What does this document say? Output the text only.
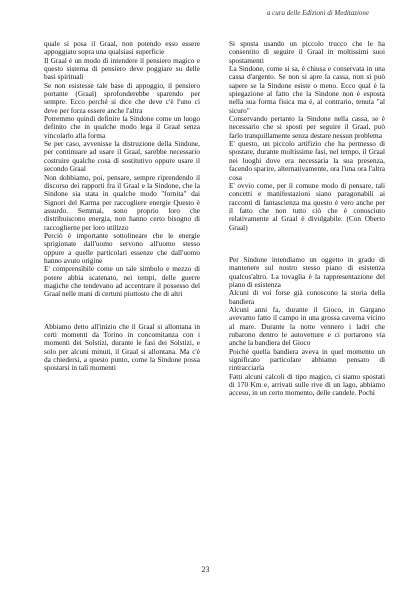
a cura delle Edizioni di Meditazione

quale si posa il Graal, non potendo esso essere appoggiato sopra una qualsiasi superficie

Il Graal è un modo di intendere il pensiero magico e questo sistema di pensiero deve poggiare su delle basi spirituali

Se non esistesse tale base di appoggio, il pensiero portante (Graal) sprofonderebbe sparendo per sempre. Ecco perché si dice che deve c'è l'uno ci deve per forza essere anche l'altra

Potremmo quindi definire la Sindone come un luogo definito che in qualche modo lega il Graal senza vincolarlo alla forma

Se per caso, avvenisse la distruzione della Sindone, per continuare ad usare il Graal, sarebbe necessario costruire qualche cosa di sostitutivo oppure usare il secondo Graal

Non dobbiamo, poi, pensare, sempre riprendendo il discorso dei rapporti fra il Graal e la Sindone, che la Sindone sia stata in qualche modo "fornita" dai Signori del Karma per raccogliere energie Questo è assurdo. Semmai, sono proprio loro che distribuiscono energia, non hanno certo bisogno di raccoglierne per loro utilizzo

Perciò è importante sottolineare che le energie sprigionate dall'uomo servono all'uomo stesso oppure a quelle particolari essenze che dall'uomo hanno avuto origine

E' comprensibile come un tale simbolo e mezzo di potere abbia scatenato, nei tempi, delle guerre magiche che tendevano ad accentrare il possesso del Graal nelle mani di certuni piuttosto che di altri

Abbiamo detto all'inizio che il Graal si allontana in certi momenti da Torino in concomitanza con i momenti dei Solstizi, durante le fasi dei Solstizi, e solo per alcuni minuti, il Graal si allontana. Ma c'è da chiedersi, a questo punto, come la Sindone possa spostarsi in tali momenti

Si sposta usando un piccolo trucco che le ha consentito di seguire il Graal in moltissimi suoi spostamenti

La Sindone, come si sa, è chiusa e conservata in una cassa d'argento. Se non si apre la cassa, non si può sapere se la Sindone esiste o meno. Ecco qual è la spiegazione al fatto che la Sindone non è esposta nella sua forma fisica ma è, al contrario, tenuta "al sicuro"

Conservando pertanto la Sindone nella cassa, se è necessario che si sposti per seguire il Graal, può farlo tranquillamente senza destare nessun problema

E' questo, un piccolo artifizio che ha permesso di spostare, durante moltissime fasi, nel tempo, il Graal nei luoghi dove era necessaria la sua presenza, facendo sparire, alternativamente, ora l'una ora l'altra cosa

E' ovvio come, per il comune modo di pensare, tali concetti e manifestazioni siano paragonabili ai racconti di fantascienza ma questo è vero anche per il fatto che non tutto ciò che è conosciuto relativamente al Graal è divulgabile. (Con Oberto Graal)

Per Sindone intendiamo un oggetto in grado di mantenere sul nostro stesso piano di esistenza qualcos'altro. La tovaglia è la rappresentazione del piano di esistenza

Alcuni di voi forse già conoscono la storia della bandiera

Alcuni anni fa, durante il Gioco, in Gargano avevamo fatto il campo in una grossa caverna vicino al mare. Durante la notte vennero i ladri che rubarono dentro le autovetture e ci portarono via anche la bandiera del Gioco

Poiché quella bandiera aveva in quel momento un significato particolare abbiamo pensato di rintracciarla

Fatti alcuni calcoli di tipo magico, ci siamo spostati di 170 Km e, arrivati sulle rive di un lago, abbiamo acceso, in un certo momento, delle candele. Pochi

23
